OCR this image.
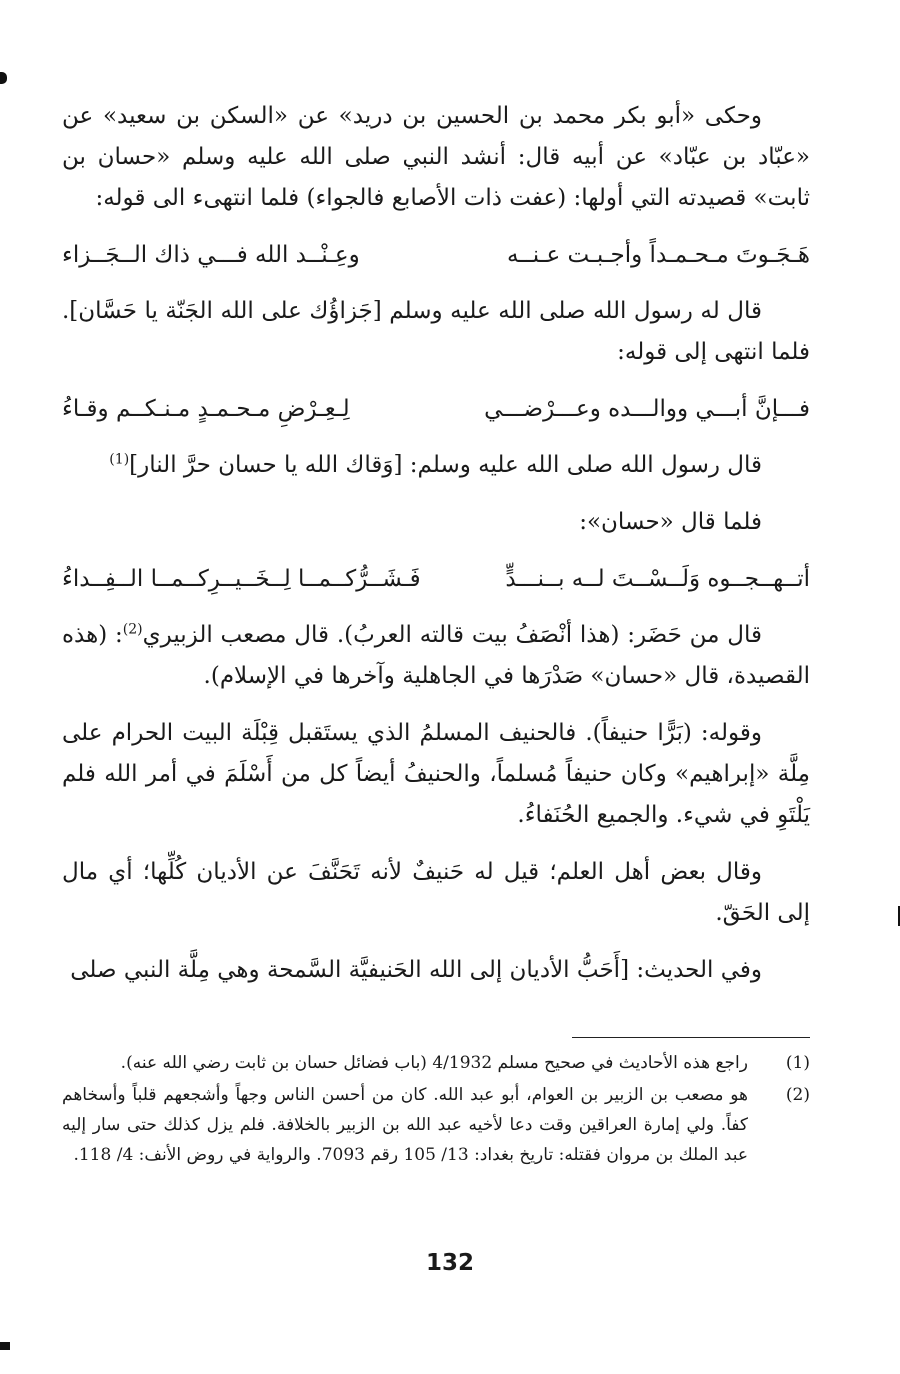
وحكى «أبو بكر محمد بن الحسين بن دريد» عن «السكن بن سعيد» عن «عبّاد بن عبّاد» عن أبيه قال: أنشد النبي صلى الله عليه وسلم «حسان بن ثابت» قصيدته التي أولها: (عفت ذات الأصابع فالجواء) فلما انتهىء الى قوله:

هَـجَـوتَ مـحـمـداً وأجـبـت عـنــه
وعِـنْــد الله فـــي ذاك الــجَــزاء

قال له رسول الله صلى الله عليه وسلم [جَزاؤُك على الله الجَنّة يا حَسَّان]. فلما انتهى إلى قوله:

فـــإنَّ أبـــي ووالـــده وعـــرْضـــي
لِـعِـرْضِ مـحـمـدٍ مـنـكــم وقـاءُ

قال رسول الله صلى الله عليه وسلم: [وَقاك الله يا حسان حرَّ النار]$^{(1)}$

فلما قال «حسان»:

أتــهــجــوه وَلَــسْــتَ لــه بــنـــدٍّ
فَـشَــرُّكــمــا لِــخَــيــرِكــمــا الــفِــداءُ

قال من حَضَر: (هذا أنْصَفُ بيت قالته العربُ). قال مصعب الزبيري$^{(2)}$: (هذه القصيدة، قال «حسان» صَدْرَها في الجاهلية وآخرها في الإسلام).

وقوله: (بَرًّا حنيفاً). فالحنيف المسلمُ الذي يستَقبل قِبْلَة البيت الحرام على مِلَّة «إبراهيم» وكان حنيفاً مُسلماً، والحنيفُ أيضاً كل من أَسْلَمَ في أمر الله فلم يَلْتَوِ في شيء. والجميع الحُنَفاءُ.

وقال بعض أهل العلم؛ قيل له حَنيفٌ لأنه تَحَنَّفَ عن الأديان كُلِّها؛ أي مال إلى الحَقّ.

وفي الحديث: [أَحَبُّ الأديان إلى الله الحَنيفيَّة السَّمحة وهي مِلَّة النبي صلى

(1)
راجع هذه الأحاديث في صحيح مسلم 4/1932 (باب فضائل حسان بن ثابت رضي الله عنه).
(2)
هو مصعب بن الزبير بن العوام، أبو عبد الله. كان من أحسن الناس وجهاً وأشجعهم قلباً وأسخاهم كفاً. ولي إمارة العراقين وقت دعا لأخيه عبد الله بن الزبير بالخلافة. فلم يزل كذلك حتى سار إليه عبد الملك بن مروان فقتله: تاريخ بغداد: 13/ 105 رقم 7093. والرواية في روض الأنف: 4/ 118.
132
